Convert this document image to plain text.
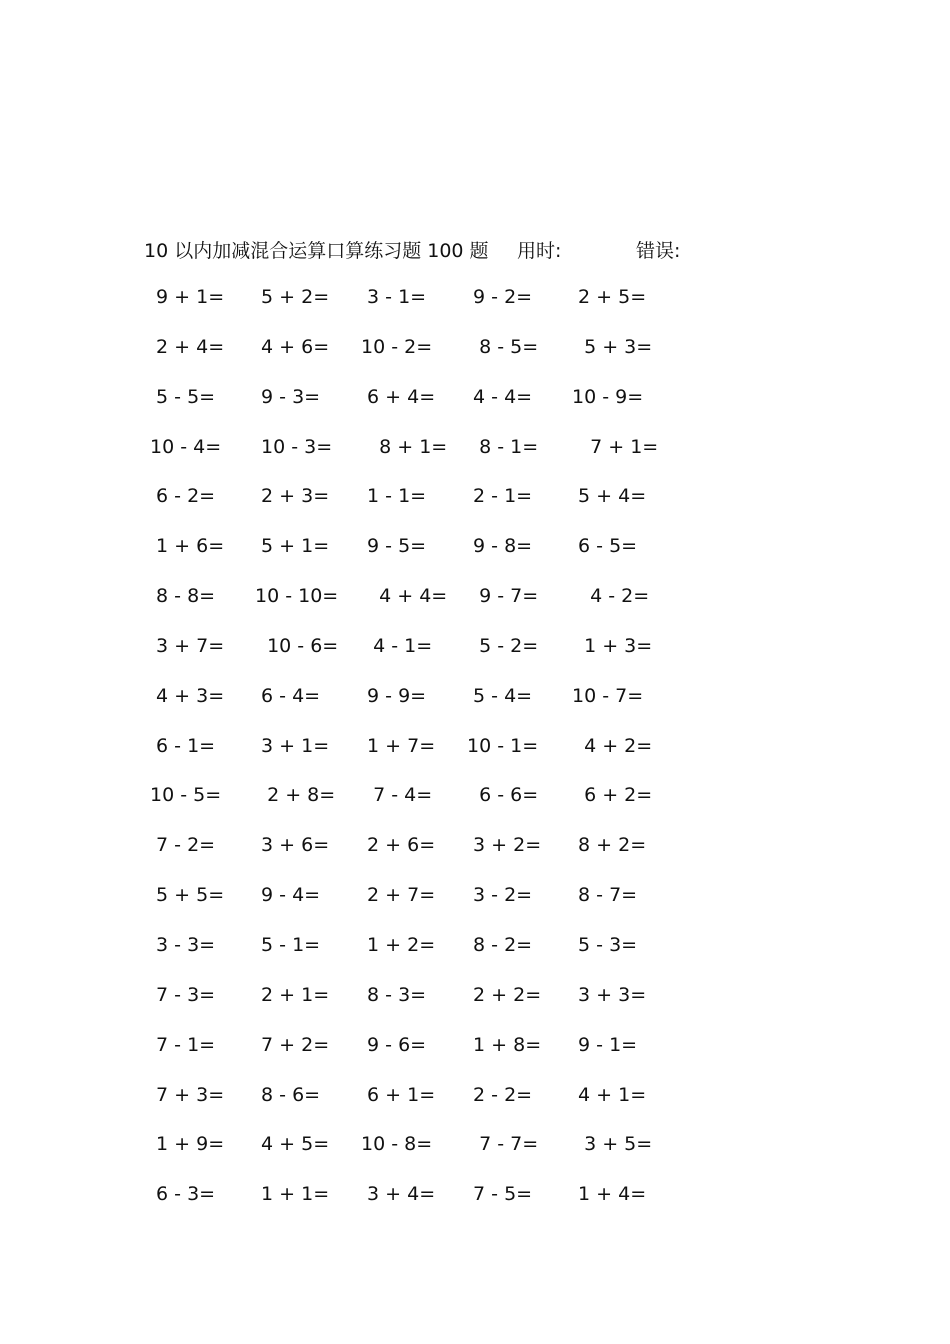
10 以内加减混合运算口算练习题 100 题 用时:	错误:
9 + 1= 5 + 2= 3 - 1= 9 - 2= 2 + 5=
2 + 4= 4 + 6= 10 - 2= 8 - 5= 5 + 3=
5 - 5= 9 - 3= 6 + 4= 4 - 4= 10 - 9=
10 - 4= 10 - 3= 8 + 1= 8 - 1= 7 + 1=
6 - 2= 2 + 3= 1 - 1= 2 - 1= 5 + 4=
1 + 6= 5 + 1= 9 - 5= 9 - 8= 6 - 5=
8 - 8= 10 - 10= 4 + 4= 9 - 7= 4 - 2=
3 + 7= 10 - 6= 4 - 1= 5 - 2= 1 + 3=
4 + 3= 6 - 4= 9 - 9= 5 - 4= 10 - 7=
6 - 1= 3 + 1= 1 + 7= 10 - 1= 4 + 2=
10 - 5= 2 + 8= 7 - 4= 6 - 6= 6 + 2=
7 - 2= 3 + 6= 2 + 6= 3 + 2= 8 + 2=
5 + 5= 9 - 4= 2 + 7= 3 - 2= 8 - 7=
3 - 3= 5 - 1= 1 + 2= 8 - 2= 5 - 3=
7 - 3= 2 + 1= 8 - 3= 2 + 2= 3 + 3=
7 - 1= 7 + 2= 9 - 6= 1 + 8= 9 - 1=
7 + 3= 8 - 6= 6 + 1= 2 - 2= 4 + 1=
1 + 9= 4 + 5= 10 - 8= 7 - 7= 3 + 5=
6 - 3= 1 + 1= 3 + 4= 7 - 5= 1 + 4=
